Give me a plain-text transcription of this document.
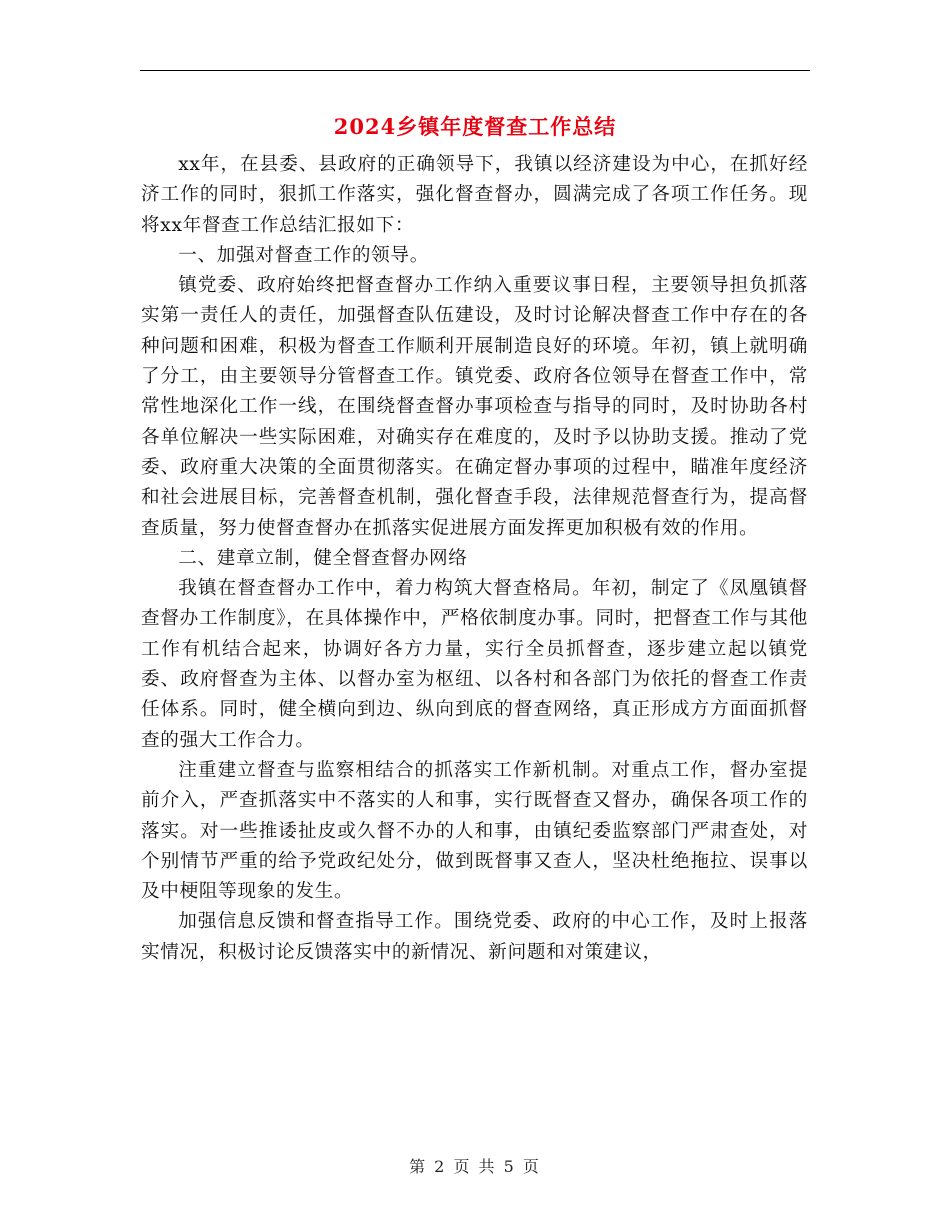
2024乡镇年度督查工作总结

xx年，在县委、县政府的正确领导下，我镇以经济建设为中心，在抓好经济工作的同时，狠抓工作落实，强化督查督办，圆满完成了各项工作任务。现将xx年督查工作总结汇报如下：

一、加强对督查工作的领导。

镇党委、政府始终把督查督办工作纳入重要议事日程，主要领导担负抓落实第一责任人的责任，加强督查队伍建设，及时讨论解决督查工作中存在的各种问题和困难，积极为督查工作顺利开展制造良好的环境。年初，镇上就明确了分工，由主要领导分管督查工作。镇党委、政府各位领导在督查工作中，常常性地深化工作一线，在围绕督查督办事项检查与指导的同时，及时协助各村各单位解决一些实际困难，对确实存在难度的，及时予以协助支援。推动了党委、政府重大决策的全面贯彻落实。在确定督办事项的过程中，瞄准年度经济和社会进展目标，完善督查机制，强化督查手段，法律规范督查行为，提高督查质量，努力使督查督办在抓落实促进展方面发挥更加积极有效的作用。

二、建章立制，健全督查督办网络

我镇在督查督办工作中，着力构筑大督查格局。年初，制定了《凤凰镇督查督办工作制度》，在具体操作中，严格依制度办事。同时，把督查工作与其他工作有机结合起来，协调好各方力量，实行全员抓督查，逐步建立起以镇党委、政府督查为主体、以督办室为枢纽、以各村和各部门为依托的督查工作责任体系。同时，健全横向到边、纵向到底的督查网络，真正形成方方面面抓督查的强大工作合力。

注重建立督查与监察相结合的抓落实工作新机制。对重点工作，督办室提前介入，严查抓落实中不落实的人和事，实行既督查又督办，确保各项工作的落实。对一些推诿扯皮或久督不办的人和事，由镇纪委监察部门严肃查处，对个别情节严重的给予党政纪处分，做到既督事又查人，坚决杜绝拖拉、误事以及中梗阻等现象的发生。

加强信息反馈和督查指导工作。围绕党委、政府的中心工作，及时上报落实情况，积极讨论反馈落实中的新情况、新问题和对策建议，

第 2 页 共 5 页
